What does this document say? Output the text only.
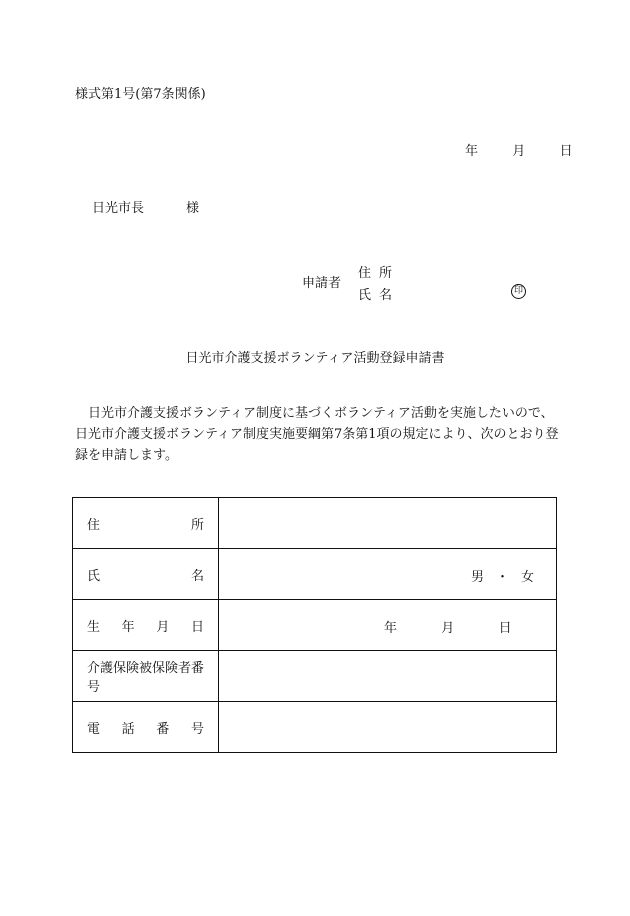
様式第1号(第7条関係)
年	月	日
日光市長	様
申請者
住所
氏名	印
日光市介護支援ボランティア活動登録申請書
日光市介護支援ボランティア制度に基づくボランティア活動を実施したいので、日光市介護支援ボランティア制度実施要綱第7条第1項の規定により、次のとおり登録を申請します。
住 所	

氏 名	男 ・ 女

生 年 月 日	年 月 日

介護保険被保険者番号	

電 話 番 号	
